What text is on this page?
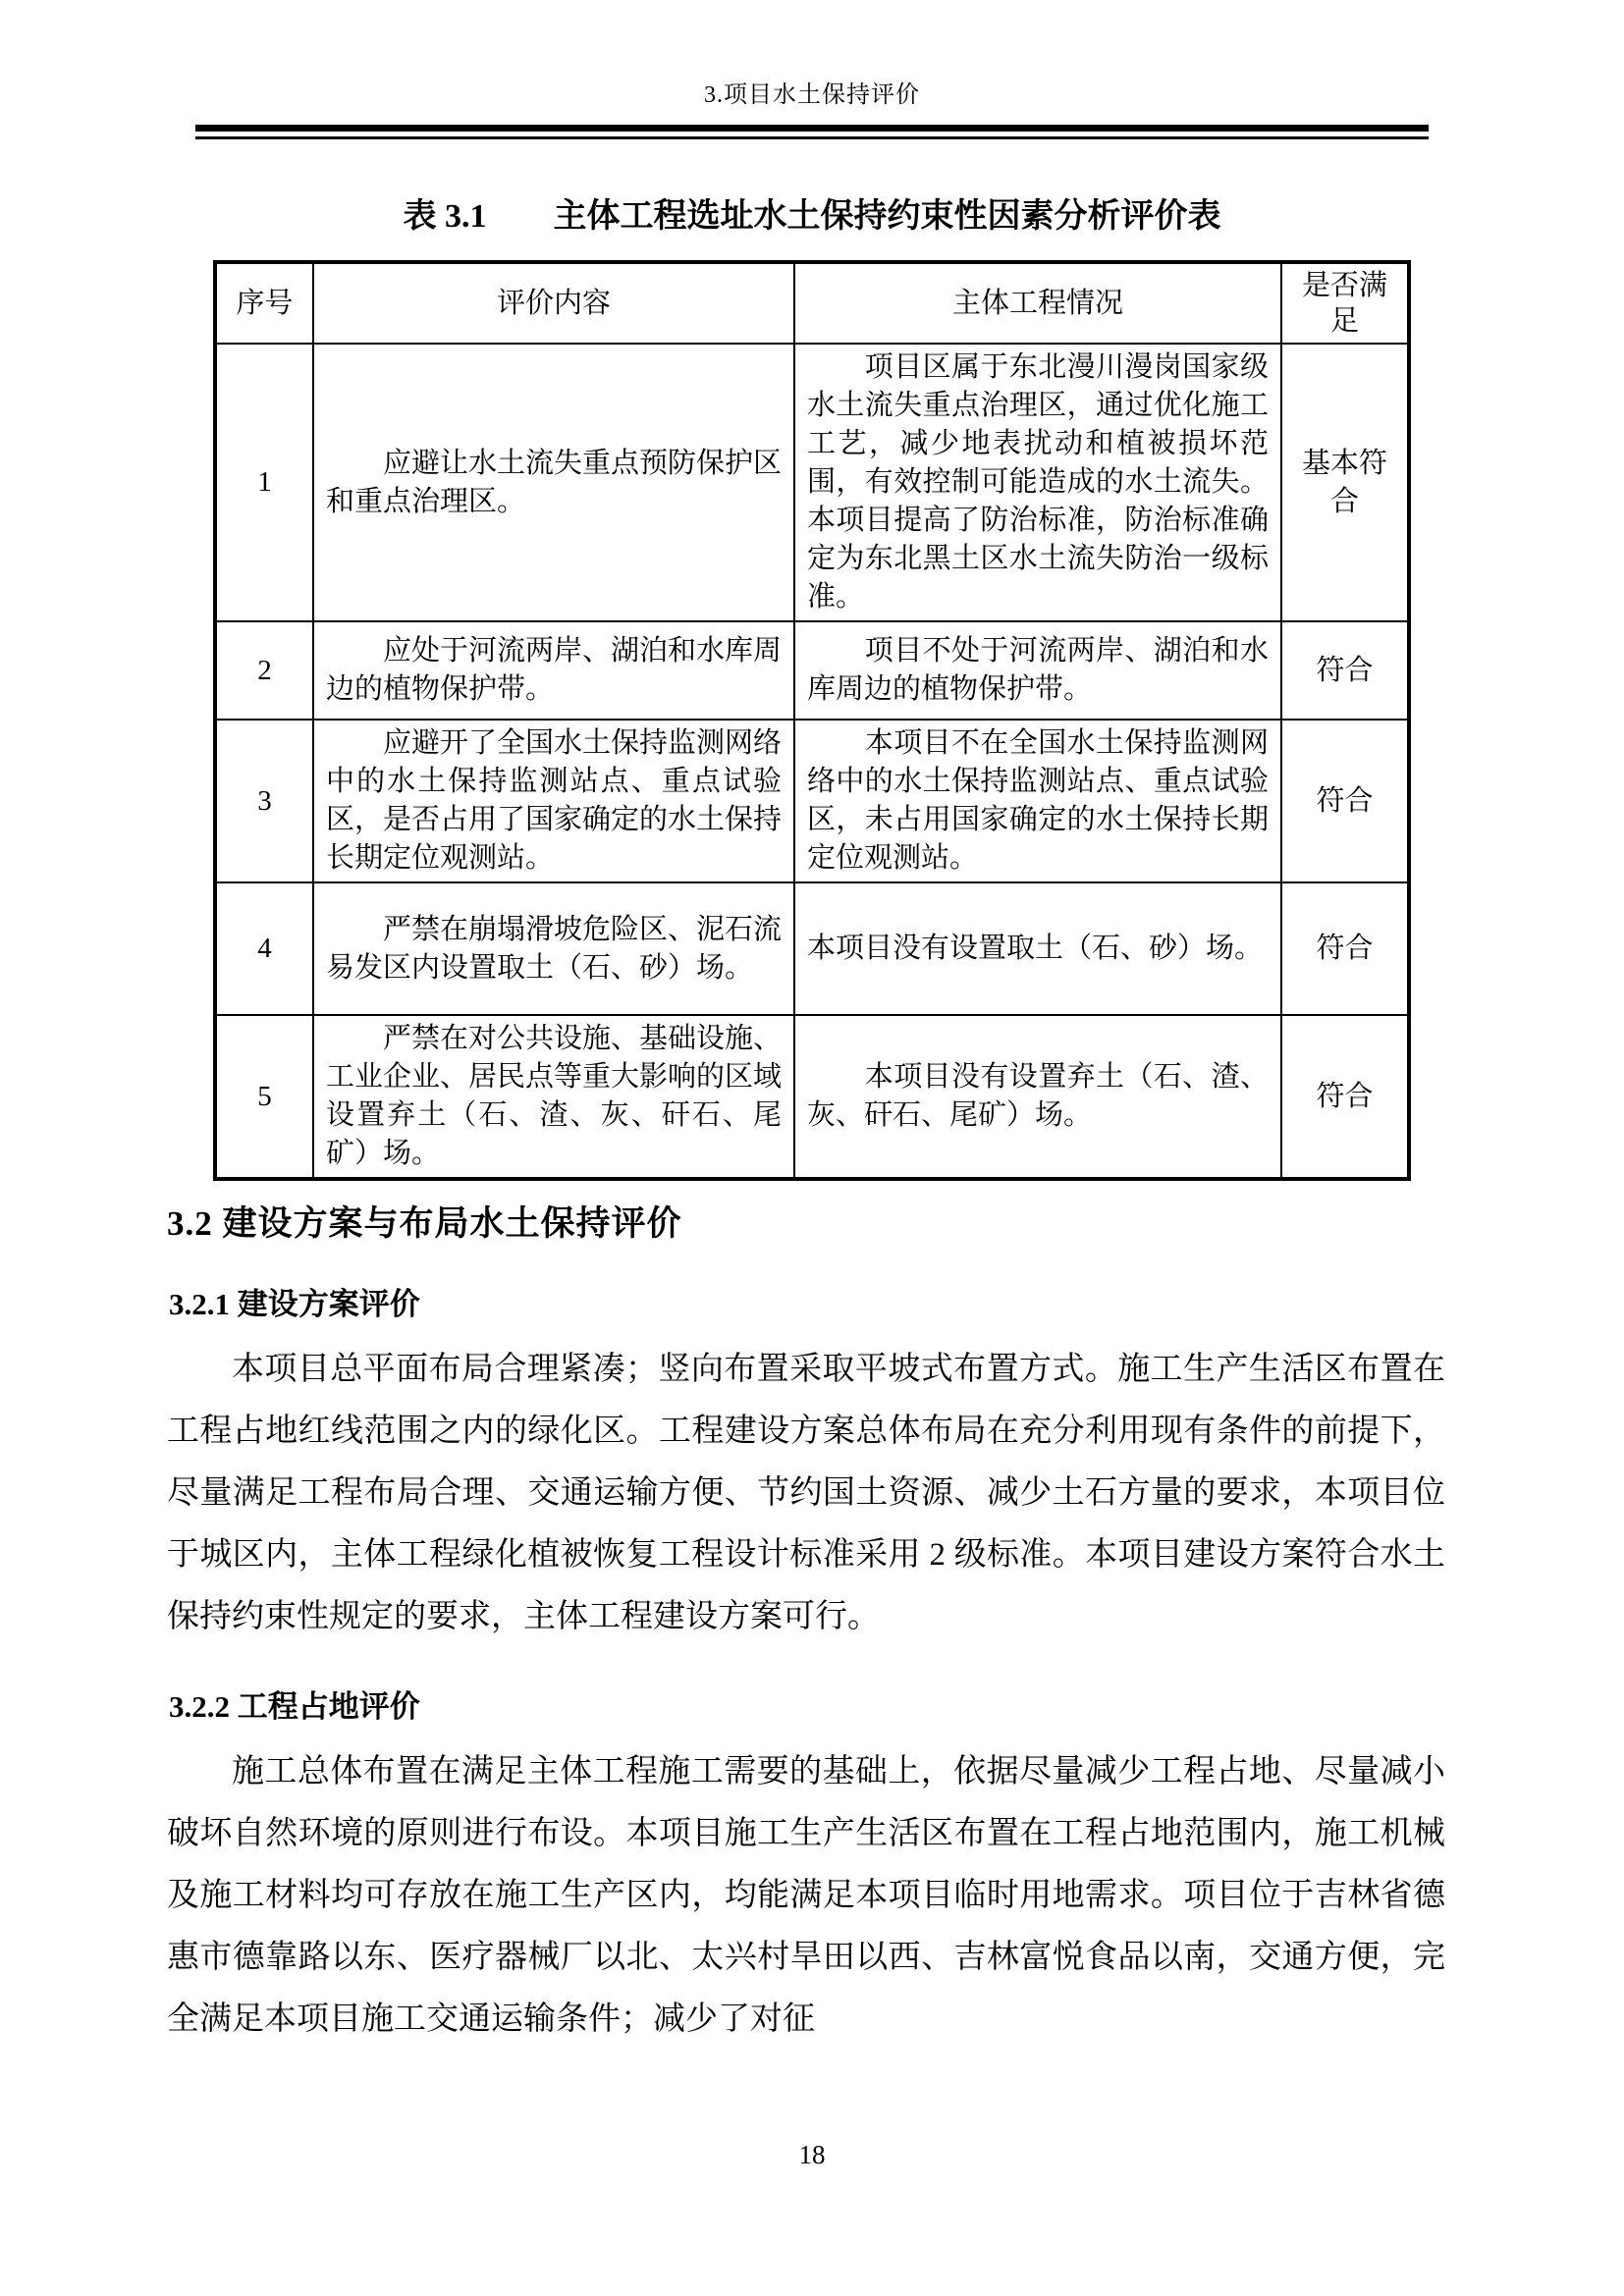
3.项目水土保持评价
表 3.1 主体工程选址水土保持约束性因素分析评价表
序号	评价内容	主体工程情况	是否满足
1	　　应避让水土流失重点预防保护区和重点治理区。	　　项目区属于东北漫川漫岗国家级水土流失重点治理区，通过优化施工工艺，减少地表扰动和植被损坏范围，有效控制可能造成的水土流失。本项目提高了防治标准，防治标准确定为东北黑土区水土流失防治一级标准。	基本符合
2	　　应处于河流两岸、湖泊和水库周边的植物保护带。	　　项目不处于河流两岸、湖泊和水库周边的植物保护带。	符合
3	　　应避开了全国水土保持监测网络中的水土保持监测站点、重点试验区，是否占用了国家确定的水土保持长期定位观测站。	　　本项目不在全国水土保持监测网络中的水土保持监测站点、重点试验区，未占用国家确定的水土保持长期定位观测站。	符合
4	　　严禁在崩塌滑坡危险区、泥石流易发区内设置取土（石、砂）场。	本项目没有设置取土（石、砂）场。	符合
5	　　严禁在对公共设施、基础设施、工业企业、居民点等重大影响的区域设置弃土（石、渣、灰、矸石、尾矿）场。	　　本项目没有设置弃土（石、渣、灰、矸石、尾矿）场。	符合
3.2 建设方案与布局水土保持评价
3.2.1 建设方案评价

本项目总平面布局合理紧凑；竖向布置采取平坡式布置方式。施工生产生活区布置在工程占地红线范围之内的绿化区。工程建设方案总体布局在充分利用现有条件的前提下，尽量满足工程布局合理、交通运输方便、节约国土资源、减少土石方量的要求，本项目位于城区内，主体工程绿化植被恢复工程设计标准采用 2 级标准。本项目建设方案符合水土保持约束性规定的要求，主体工程建设方案可行。

3.2.2 工程占地评价

施工总体布置在满足主体工程施工需要的基础上，依据尽量减少工程占地、尽量减小破坏自然环境的原则进行布设。本项目施工生产生活区布置在工程占地范围内，施工机械及施工材料均可存放在施工生产区内，均能满足本项目临时用地需求。项目位于吉林省德惠市德靠路以东、医疗器械厂以北、太兴村旱田以西、吉林富悦食品以南，交通方便，完全满足本项目施工交通运输条件；减少了对征

18
